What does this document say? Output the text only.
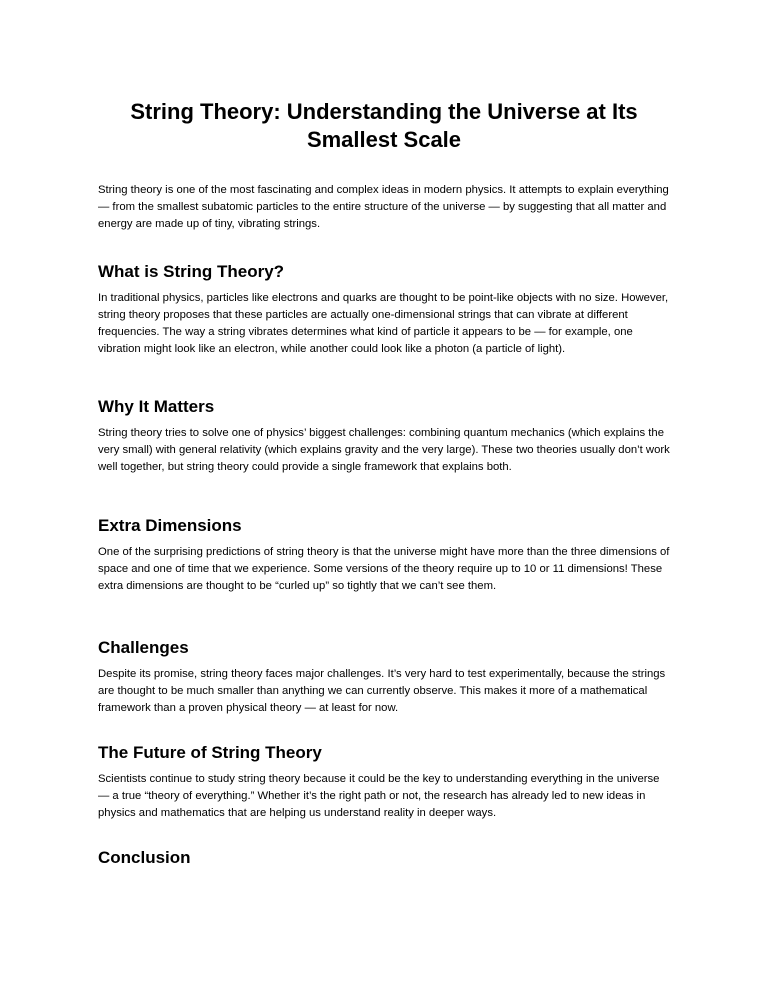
String Theory: Understanding the Universe at Its Smallest Scale

String theory is one of the most fascinating and complex ideas in modern physics. It attempts to explain everything — from the smallest subatomic particles to the entire structure of the universe — by suggesting that all matter and energy are made up of tiny, vibrating strings.

What is String Theory?

In traditional physics, particles like electrons and quarks are thought to be point-like objects with no size. However, string theory proposes that these particles are actually one-dimensional strings that can vibrate at different frequencies. The way a string vibrates determines what kind of particle it appears to be — for example, one vibration might look like an electron, while another could look like a photon (a particle of light).

Why It Matters

String theory tries to solve one of physics’ biggest challenges: combining quantum mechanics (which explains the very small) with general relativity (which explains gravity and the very large). These two theories usually don’t work well together, but string theory could provide a single framework that explains both.

Extra Dimensions

One of the surprising predictions of string theory is that the universe might have more than the three dimensions of space and one of time that we experience. Some versions of the theory require up to 10 or 11 dimensions! These extra dimensions are thought to be “curled up” so tightly that we can’t see them.

Challenges

Despite its promise, string theory faces major challenges. It’s very hard to test experimentally, because the strings are thought to be much smaller than anything we can currently observe. This makes it more of a mathematical framework than a proven physical theory — at least for now.

The Future of String Theory

Scientists continue to study string theory because it could be the key to understanding everything in the universe — a true “theory of everything.” Whether it’s the right path or not, the research has already led to new ideas in physics and mathematics that are helping us understand reality in deeper ways.

Conclusion
